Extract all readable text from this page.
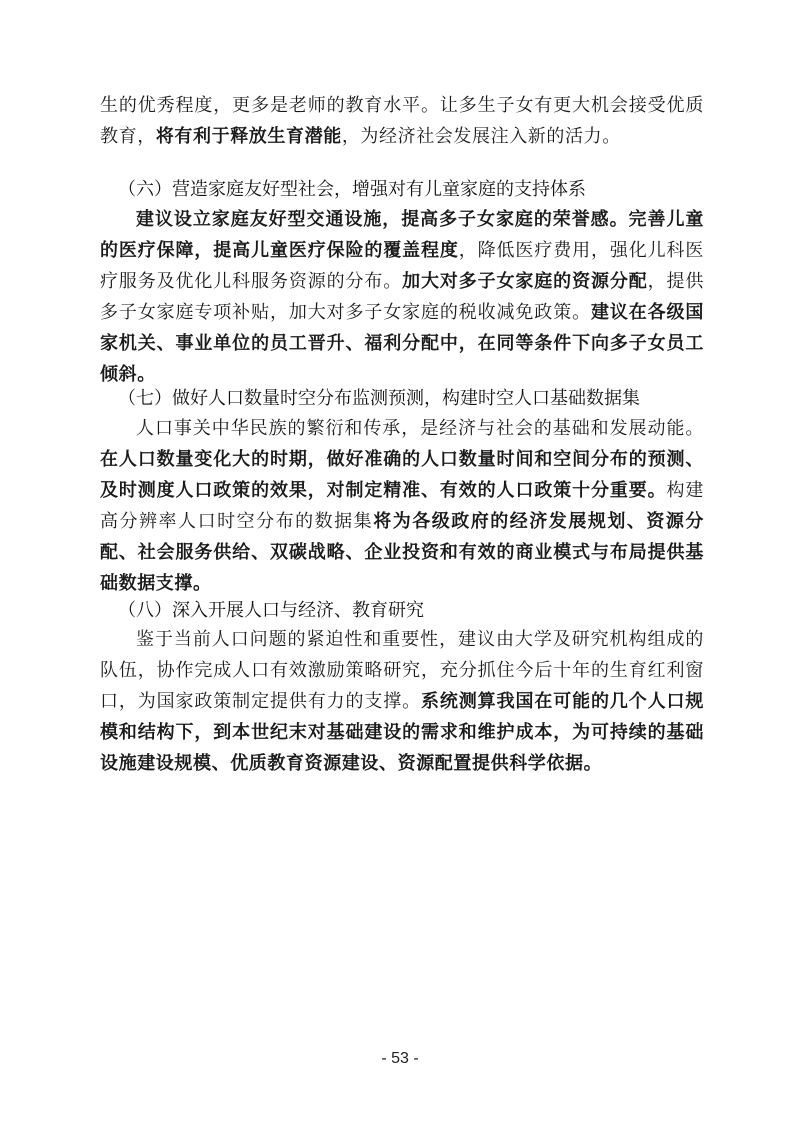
生的优秀程度，更多是老师的教育水平。让多生子女有更大机会接受优质教育，将有利于释放生育潜能，为经济社会发展注入新的活力。

（六）营造家庭友好型社会，增强对有儿童家庭的支持体系

建议设立家庭友好型交通设施，提高多子女家庭的荣誉感。完善儿童的医疗保障，提高儿童医疗保险的覆盖程度，降低医疗费用，强化儿科医疗服务及优化儿科服务资源的分布。加大对多子女家庭的资源分配，提供多子女家庭专项补贴，加大对多子女家庭的税收减免政策。建议在各级国家机关、事业单位的员工晋升、福利分配中，在同等条件下向多子女员工倾斜。

（七）做好人口数量时空分布监测预测，构建时空人口基础数据集

人口事关中华民族的繁衍和传承，是经济与社会的基础和发展动能。在人口数量变化大的时期，做好准确的人口数量时间和空间分布的预测、及时测度人口政策的效果，对制定精准、有效的人口政策十分重要。构建高分辨率人口时空分布的数据集将为各级政府的经济发展规划、资源分配、社会服务供给、双碳战略、企业投资和有效的商业模式与布局提供基础数据支撑。

（八）深入开展人口与经济、教育研究

鉴于当前人口问题的紧迫性和重要性，建议由大学及研究机构组成的队伍，协作完成人口有效激励策略研究，充分抓住今后十年的生育红利窗口，为国家政策制定提供有力的支撑。系统测算我国在可能的几个人口规模和结构下，到本世纪末对基础建设的需求和维护成本，为可持续的基础设施建设规模、优质教育资源建设、资源配置提供科学依据。

- 53 -
